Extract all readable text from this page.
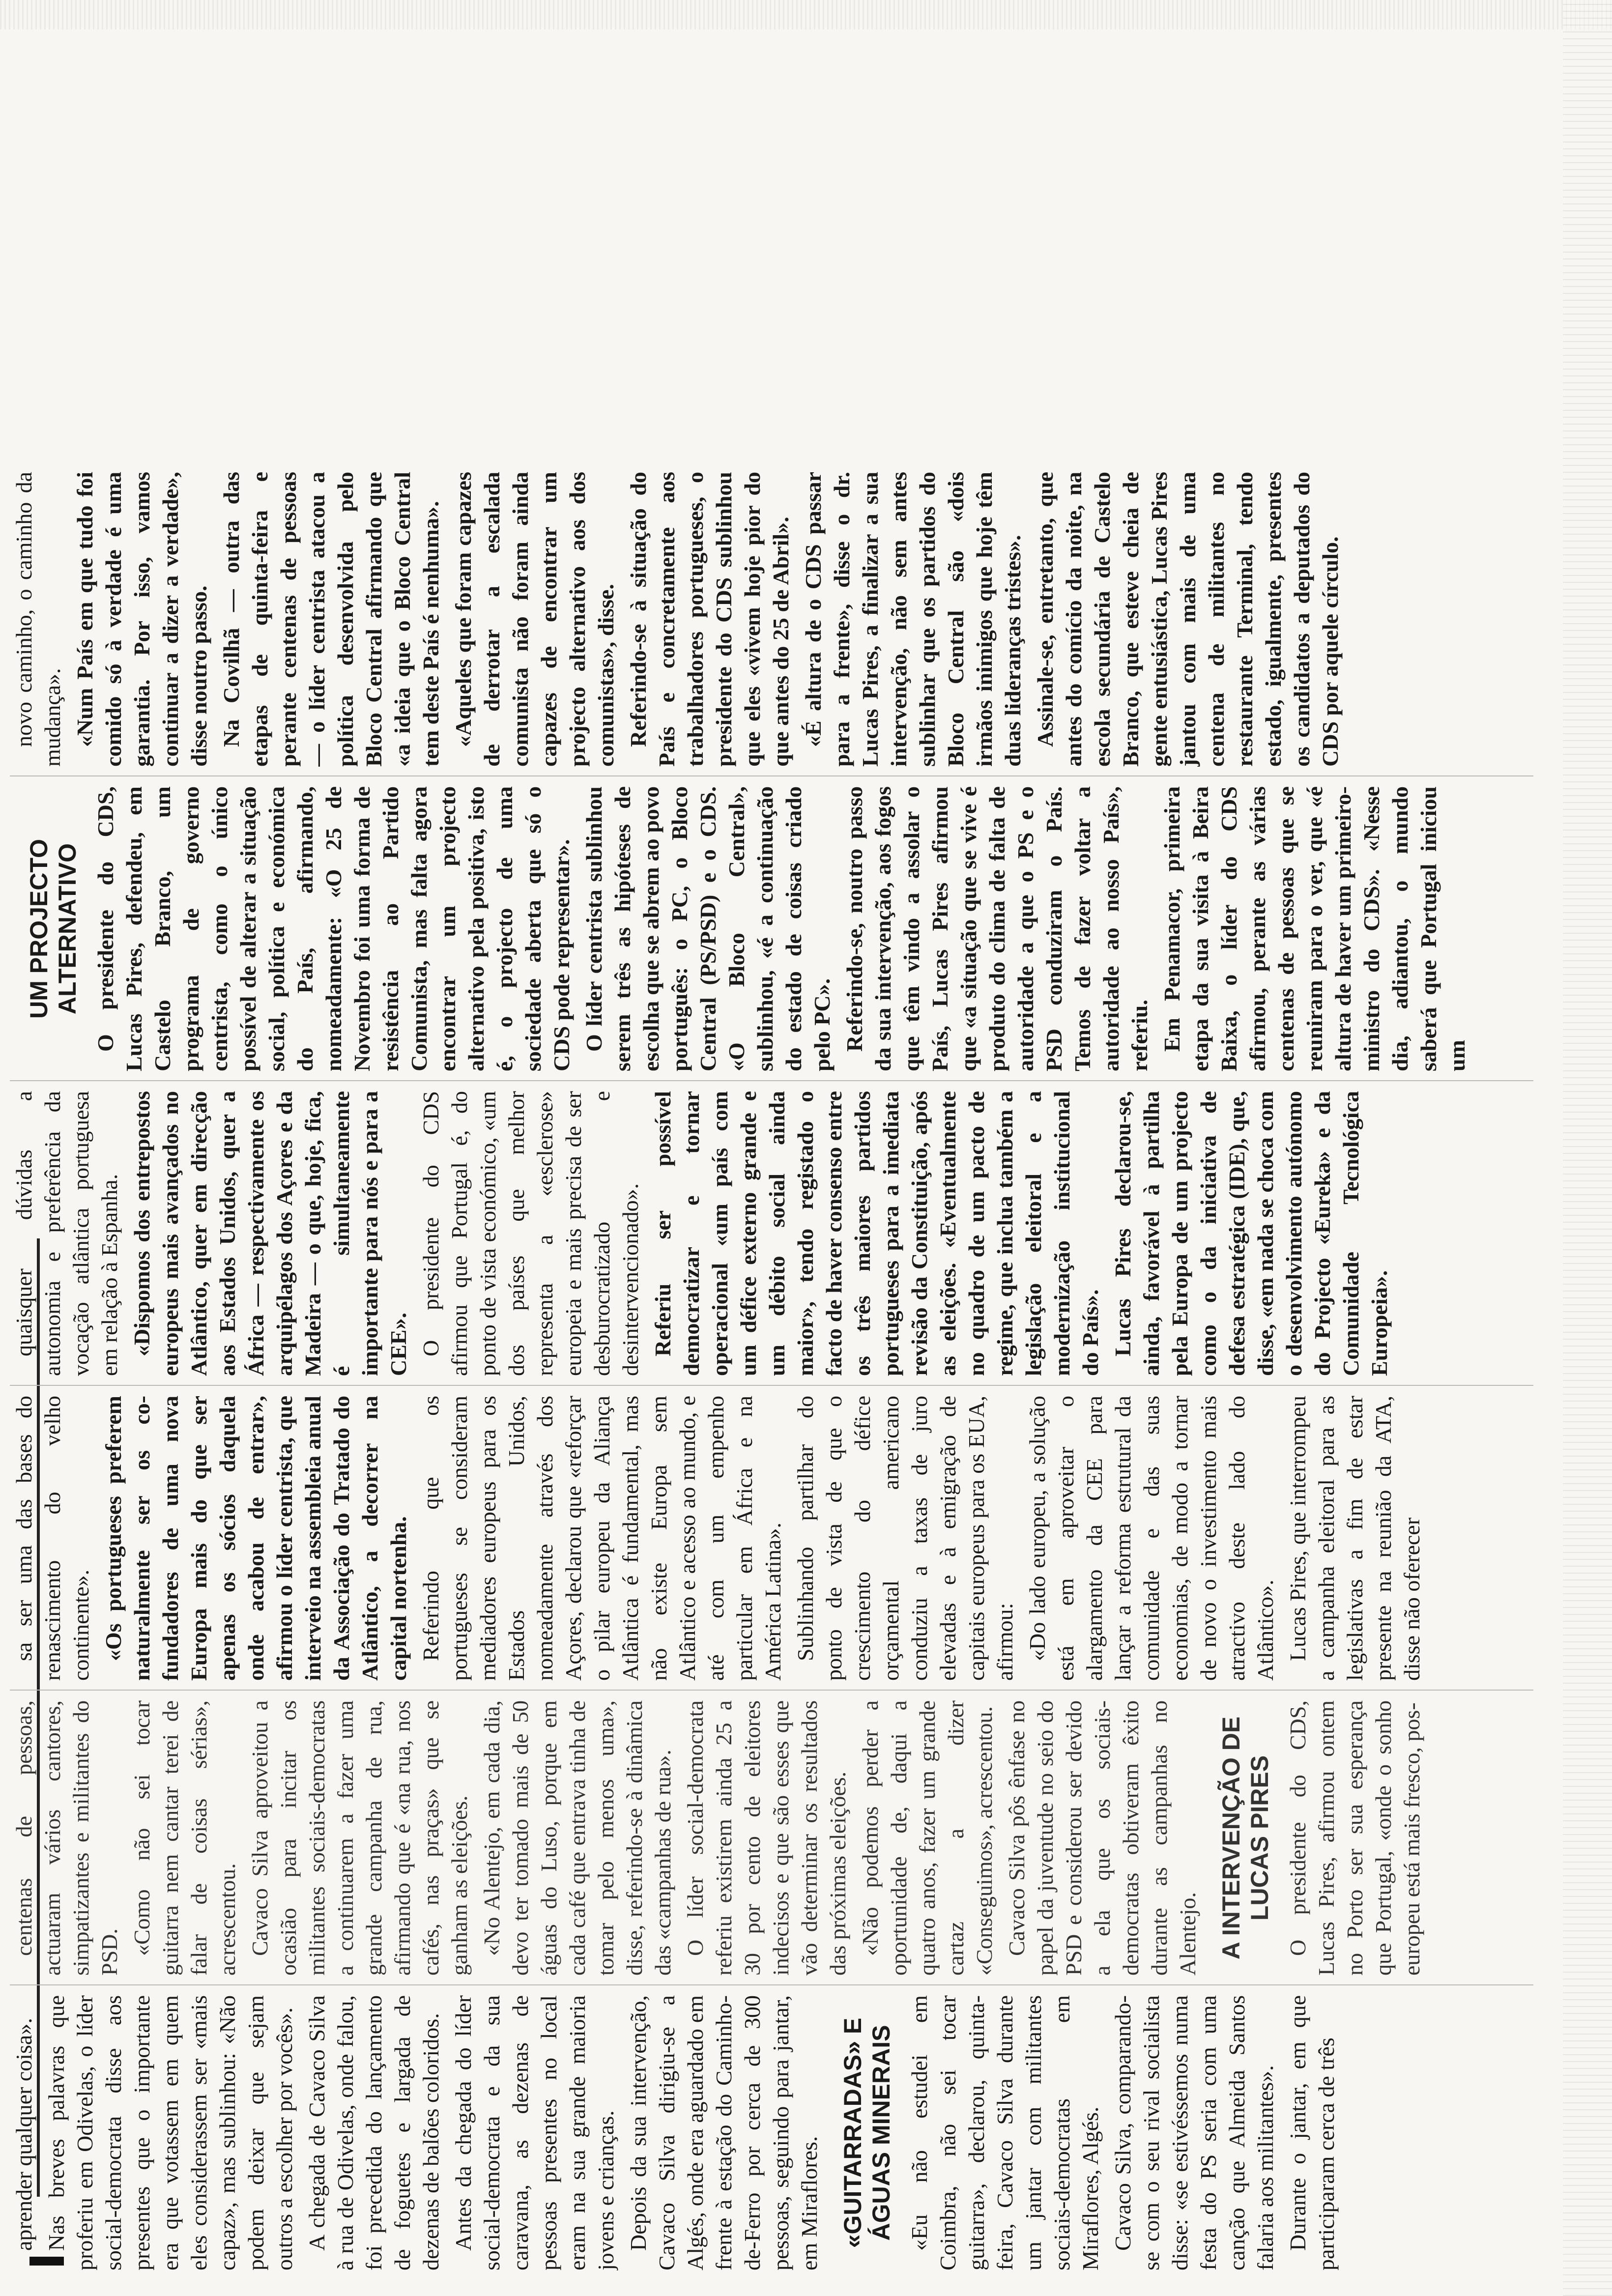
aprender qualquer coisa». Nas breves palavras que proferiu em Odivelas, o líder social-democrata disse aos presentes que o importante era que votassem em quem eles considerassem ser «mais capaz», mas sublinhou: «Não podem deixar que sejam outros a escolher por vocês». A chegada de Cavaco Silva à rua de Odivelas, onde falou, foi precedida do lançamento de foguetes e largada de dezenas de balões coloridos. Antes da chegada do líder social-democrata e da sua caravana, as dezenas de pessoas presentes no local eram na sua grande maioria jovens e crianças. Depois da sua intervenção, Cavaco Silva dirigiu-se a Algés, onde era aguardado em frente à estação do Caminho-de-Ferro por cerca de 300 pessoas, seguindo para jantar, em Miraflores. «GUITARRADAS» E ÁGUAS MINERAIS «Eu não estudei em Coimbra, não sei tocar guitarra», declarou, quinta-feira, Cavaco Silva durante um jantar com militantes sociais-democratas em Miraflores, Algés. Cavaco Silva, comparando-se com o seu rival socialista disse: «se estivéssemos numa festa do PS seria com uma canção que Almeida Santos falaria aos militantes». Durante o jantar, em que participaram cerca de três

centenas de pessoas, actuaram vários cantores, simpatizantes e militantes do PSD. «Como não sei tocar guitarra nem cantar terei de falar de coisas sérias», acrescentou. Cavaco Silva aproveitou a ocasião para incitar os militantes sociais-democratas a continuarem a fazer uma grande campanha de rua, afirmando que é «na rua, nos cafés, nas praças» que se ganham as eleições. «No Alentejo, em cada dia, devo ter tomado mais de 50 águas do Luso, porque em cada café que entrava tinha de tomar pelo menos uma», disse, referindo-se à dinâmica das «campanhas de rua». O líder social-democrata referiu existirem ainda 25 a 30 por cento de eleitores indecisos e que são esses que vão determinar os resultados das próximas eleições. «Não podemos perder a oportunidade de, daqui a quatro anos, fazer um grande cartaz a dizer «Conseguimos», acrescentou. Cavaco Silva pôs ênfase no papel da juventude no seio do PSD e considerou ser devido a ela que os sociais-democratas obtiveram êxito durante as campanhas no Alentejo. A INTERVENÇÃO DE LUCAS PIRES O presidente do CDS, Lucas Pires, afirmou ontem no Porto ser sua esperança que Portugal, «onde o sonho europeu está mais fresco, pos-

sa ser uma das bases do renascimento do velho continente». «Os portugueses preferem naturalmente ser os co-fundadores de uma nova Europa mais do que ser apenas os sócios daquela onde acabou de entrar», afirmou o líder centrista, que interveio na assembleia anual da Associação do Tratado do Atlântico, a decorrer na capital nortenha. Referindo que os portugueses se consideram mediadores europeus para os Estados Unidos, nomeadamente através dos Açores, declarou que «reforçar o pilar europeu da Aliança Atlântica é fundamental, mas não existe Europa sem Atlântico e acesso ao mundo, e até com um empenho particular em África e na América Latina». Sublinhando partilhar do ponto de vista de que o crescimento do défice orçamental americano conduziu a taxas de juro elevadas e à emigração de capitais europeus para os EUA, afirmou: «Do lado europeu, a solução está em aproveitar o alargamento da CEE para lançar a reforma estrutural da comunidade e das suas economias, de modo a tornar de novo o investimento mais atractivo deste lado do Atlântico». Lucas Pires, que interrompeu a campanha eleitoral para as legislativas a fim de estar presente na reunião da ATA, disse não oferecer

quaisquer dúvidas a autonomia e preferência da vocação atlântica portuguesa em relação à Espanha. «Dispomos dos entrepostos europeus mais avançados no Atlântico, quer em direcção aos Estados Unidos, quer a África — respectivamente os arquipélagos dos Açores e da Madeira — o que, hoje, fica, é simultaneamente importante para nós e para a CEE». O presidente do CDS afirmou que Portugal é, do ponto de vista económico, «um dos países que melhor representa a «esclerose» europeia e mais precisa de ser desburocratizado e desintervencionado». Referiu ser possível democratizar e tornar operacional «um país com um défice externo grande e um débito social ainda maior», tendo registado o facto de haver consenso entre os três maiores partidos portugueses para a imediata revisão da Constituição, após as eleições. «Eventualmente no quadro de um pacto de regime, que inclua também a legislação eleitoral e a modernização institucional do País». Lucas Pires declarou-se, ainda, favorável à partilha pela Europa de um projecto como o da iniciativa de defesa estratégica (IDE), que, disse, «em nada se choca com o desenvolvimento autónomo do Projecto «Eureka» e da Comunidade Tecnológica Europeia».

UM PROJECTO ALTERNATIVO O presidente do CDS, Lucas Pires, defendeu, em Castelo Branco, um programa de governo centrista, como o único possível de alterar a situação social, política e económica do País, afirmando, nomeadamente: «O 25 de Novembro foi uma forma de resistência ao Partido Comunista, mas falta agora encontrar um projecto alternativo pela positiva, isto é, o projecto de uma sociedade aberta que só o CDS pode representar». O líder centrista sublinhou serem três as hipóteses de escolha que se abrem ao povo português: o PC, o Bloco Central (PS/PSD) e o CDS. «O Bloco Central», sublinhou, «é a continuação do estado de coisas criado pelo PC». Referindo-se, noutro passo da sua intervenção, aos fogos que têm vindo a assolar o País, Lucas Pires afirmou que «a situação que se vive é produto do clima de falta de autoridade a que o PS e o PSD conduziram o País. Temos de fazer voltar a autoridade ao nosso País», referiu. Em Penamacor, primeira etapa da sua visita à Beira Baixa, o líder do CDS afirmou, perante as várias centenas de pessoas que se reuniram para o ver, que «é altura de haver um primeiro-ministro do CDS». «Nesse dia, adiantou, o mundo saberá que Portugal iniciou um

novo caminho, o caminho da mudança». «Num País em que tudo foi comido só à verdade é uma garantia. Por isso, vamos continuar a dizer a verdade», disse noutro passo. Na Covilhã — outra das etapas de quinta-feira e perante centenas de pessoas — o líder centrista atacou a política desenvolvida pelo Bloco Central afirmando que «a ideia que o Bloco Central tem deste País é nenhuma». «Aqueles que foram capazes de derrotar a escalada comunista não foram ainda capazes de encontrar um projecto alternativo aos dos comunistas», disse. Referindo-se à situação do País e concretamente aos trabalhadores portugueses, o presidente do CDS sublinhou que eles «vivem hoje pior do que antes do 25 de Abril». «É altura de o CDS passar para a frente», disse o dr. Lucas Pires, a finalizar a sua intervenção, não sem antes sublinhar que os partidos do Bloco Central são «dois irmãos inimigos que hoje têm duas lideranças tristes». Assinale-se, entretanto, que antes do comício da noite, na escola secundária de Castelo Branco, que esteve cheia de gente entusiástica, Lucas Pires jantou com mais de uma centena de militantes no restaurante Terminal, tendo estado, igualmente, presentes os candidatos a deputados do CDS por aquele círculo.
